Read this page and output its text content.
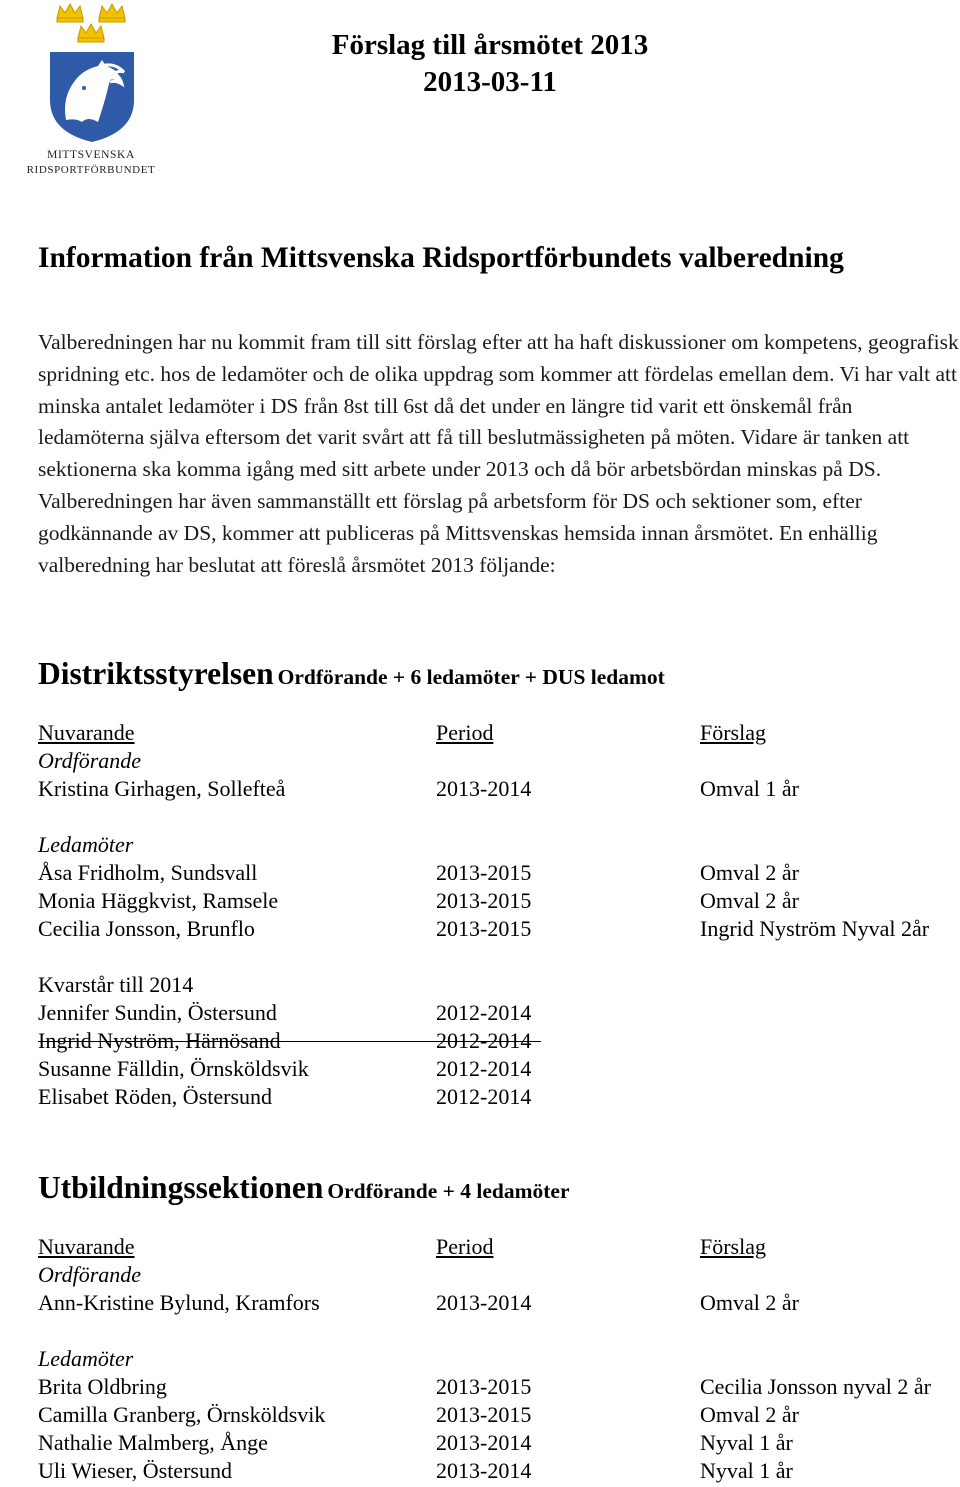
MITTSVENSKA
RIDSPORTFÖRBUNDET
Förslag till årsmötet 2013
2013-03-11
Information från Mittsvenska Ridsportförbundets valberedning

Valberedningen har nu kommit fram till sitt förslag efter att ha haft diskussioner om kompetens, geografisk spridning etc. hos de ledamöter och de olika uppdrag som kommer att fördelas emellan dem. Vi har valt att minska antalet ledamöter i DS från 8st till 6st då det under en längre tid varit ett önskemål från ledamöterna själva eftersom det varit svårt att få till beslutmässigheten på möten. Vidare är tanken att sektionerna ska komma igång med sitt arbete under 2013 och då bör arbetsbördan minskas på DS. Valberedningen har även sammanställt ett förslag på arbetsform för DS och sektioner som, efter godkännande av DS, kommer att publiceras på Mittsvenskas hemsida innan årsmötet. En enhällig valberedning har beslutat att föreslå årsmötet 2013 följande:

Distriktsstyrelsen Ordförande + 6 ledamöter + DUS ledamot
Nuvarande	Period	Förslag
Ordförande
Kristina Girhagen, Sollefteå	2013-2014	Omval 1 år
Ledamöter
Åsa Fridholm, Sundsvall	2013-2015	Omval 2 år
Monia Häggkvist, Ramsele	2013-2015	Omval 2 år
Cecilia Jonsson, Brunflo	2013-2015	Ingrid Nyström Nyval 2år
Kvarstår till 2014
Jennifer Sundin, Östersund	2012-2014
Ingrid Nyström, Härnösand	2012-2014
Susanne Fälldin, Örnsköldsvik	2012-2014
Elisabet Röden, Östersund	2012-2014
Utbildningssektionen Ordförande + 4 ledamöter
Nuvarande	Period	Förslag
Ordförande
Ann-Kristine Bylund, Kramfors	2013-2014	Omval 2 år
Ledamöter
Brita Oldbring	2013-2015	Cecilia Jonsson nyval 2 år
Camilla Granberg, Örnsköldsvik	2013-2015	Omval 2 år
Nathalie Malmberg, Ånge	2013-2014	Nyval 1 år
Uli Wieser, Östersund	2013-2014	Nyval 1 år
